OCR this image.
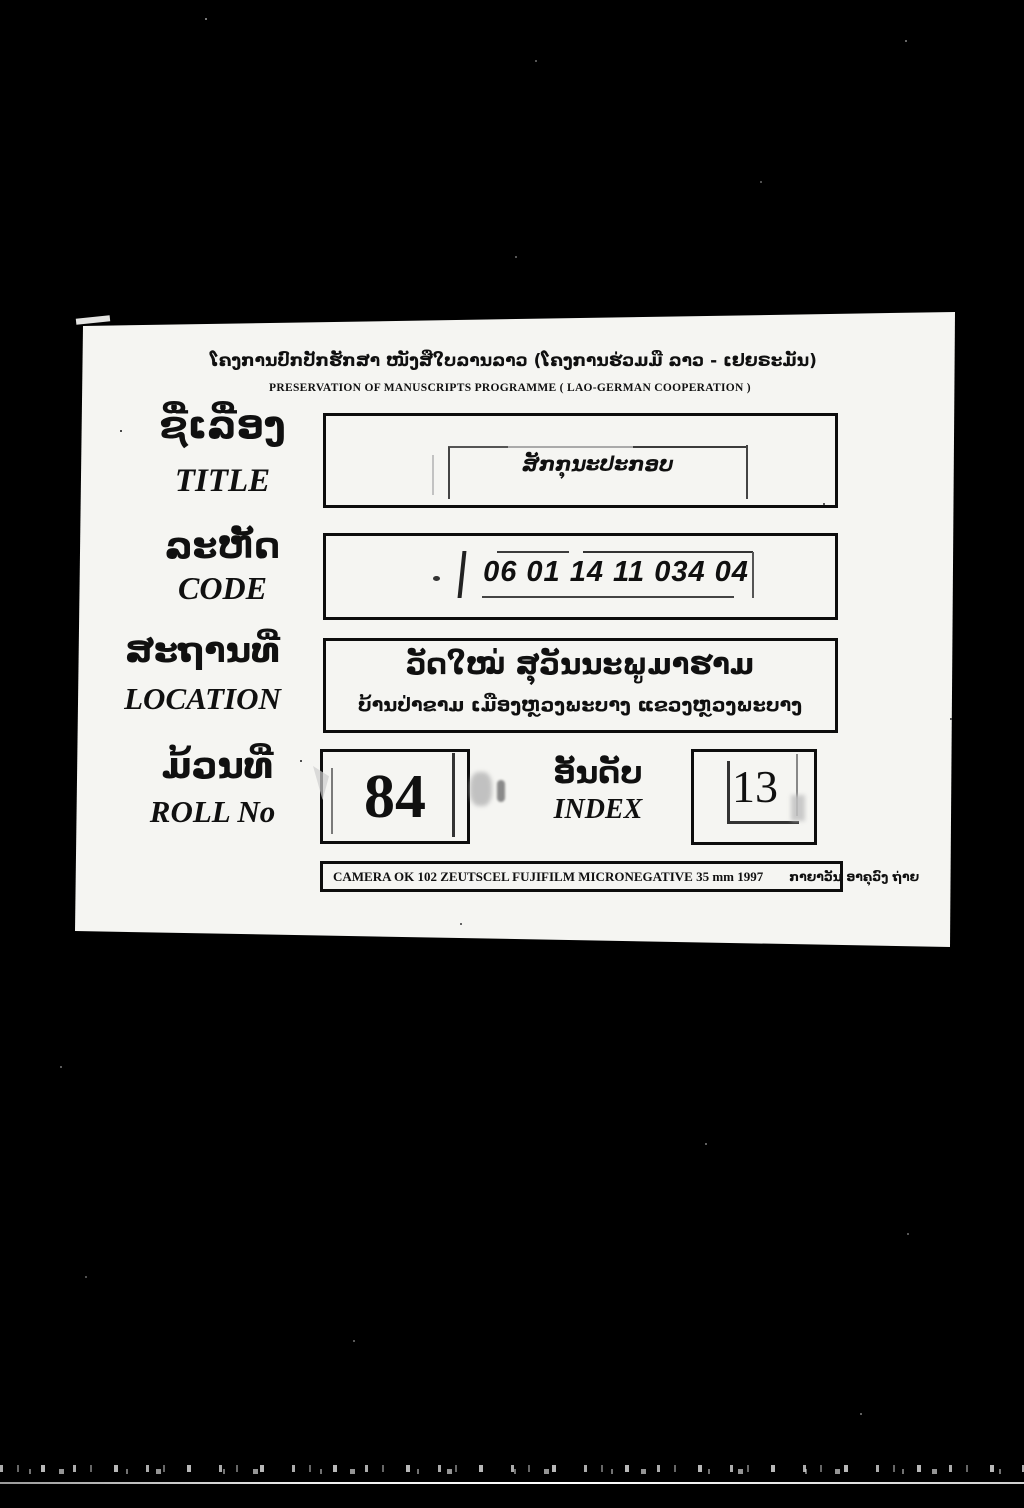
ໂຄງການປົກປັກຮັກສາ ໜັງສືໃບລານລາວ (ໂຄງການຮ່ວມມື ລາວ - ເຢຍຣະມັນ)
PRESERVATION OF MANUSCRIPTS PROGRAMME ( LAO-GERMAN COOPERATION )
ຊື່ເລື່ອງ
TITLE
ລະຫັດ
CODE
ສະຖານທີ່
LOCATION
ມ້ວນທີ່
ROLL No
ສັກກຸນະປະກອບ
06 01 14 11 034 04
ວັດໃໝ່ ສຸວັນນະພູມາຮາມ
ບ້ານປ່າຂາມ ເມືອງຫຼວງພະບາງ ແຂວງຫຼວງພະບາງ
84	ອັນດັບ
INDEX	13
CAMERA OK 102 ZEUTSCEL FUJIFILM MICRONEGATIVE 35 mm 1997 ກາຍາວັນ ອາຄຸວົງ ຖ່າຍ
